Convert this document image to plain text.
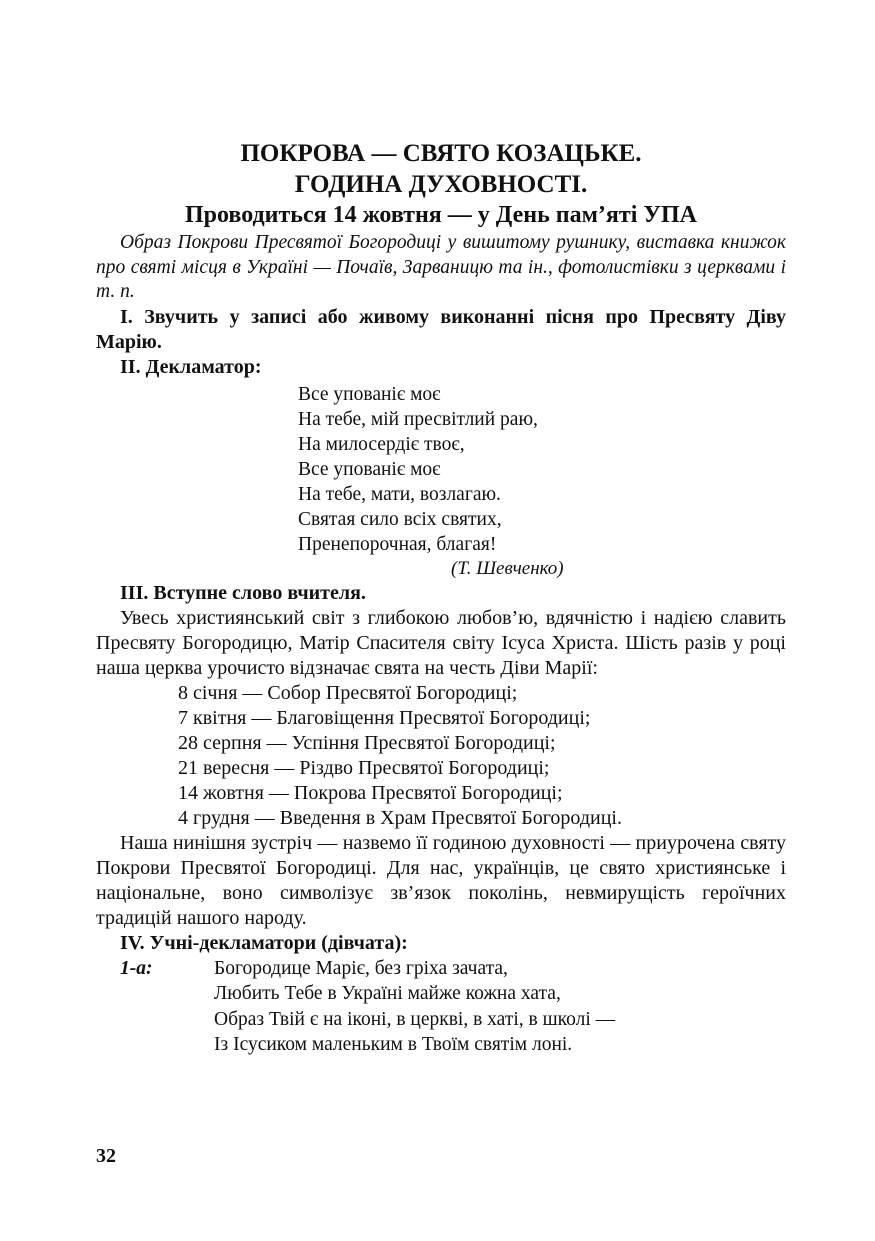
ПОКРОВА — СВЯТО КОЗАЦЬКЕ.
ГОДИНА ДУХОВНОСТІ.
Проводиться 14 жовтня — у День пам’яті УПА
Образ Покрови Пресвятої Богородиці у вишитому рушнику, виставка книжок про святі місця в Україні — Почаїв, Зарваницю та ін., фотолистівки з церквами і т. п.
I. Звучить у записі або живому виконанні пісня про Пресвяту Діву Марію.
II. Декламатор:
Все упованіє моє
На тебе, мій пресвітлий раю,
На милосердіє твоє,
Все упованіє моє
На тебе, мати, возлагаю.
Святая сило всіх святих,
Пренепорочная, благая!
(Т. Шевченко)
III. Вступне слово вчителя.
Увесь християнський світ з глибокою любов’ю, вдячністю і надією славить Пресвяту Богородицю, Матір Спасителя світу Ісуса Христа. Шість разів у році наша церква урочисто відзначає свята на честь Діви Марії:
8 січня — Собор Пресвятої Богородиці;
7 квітня — Благовіщення Пресвятої Богородиці;
28 серпня — Успіння Пресвятої Богородиці;
21 вересня — Різдво Пресвятої Богородиці;
14 жовтня — Покрова Пресвятої Богородиці;
4 грудня — Введення в Храм Пресвятої Богородиці.
Наша нинішня зустріч — назвемо її годиною духовності — приурочена святу Покрови Пресвятої Богородиці. Для нас, українців, це свято християнське і національне, воно символізує зв’язок поколінь, невмирущість героїчних традицій нашого народу.
IV. Учні-декламатори (дівчата):
1-а:	Богородице Маріє, без гріха зачата,
Любить Тебе в Україні майже кожна хата,
Образ Твій є на іконі, в церкві, в хаті, в школі —
Із Ісусиком маленьким в Твоїм святім лоні.
32
